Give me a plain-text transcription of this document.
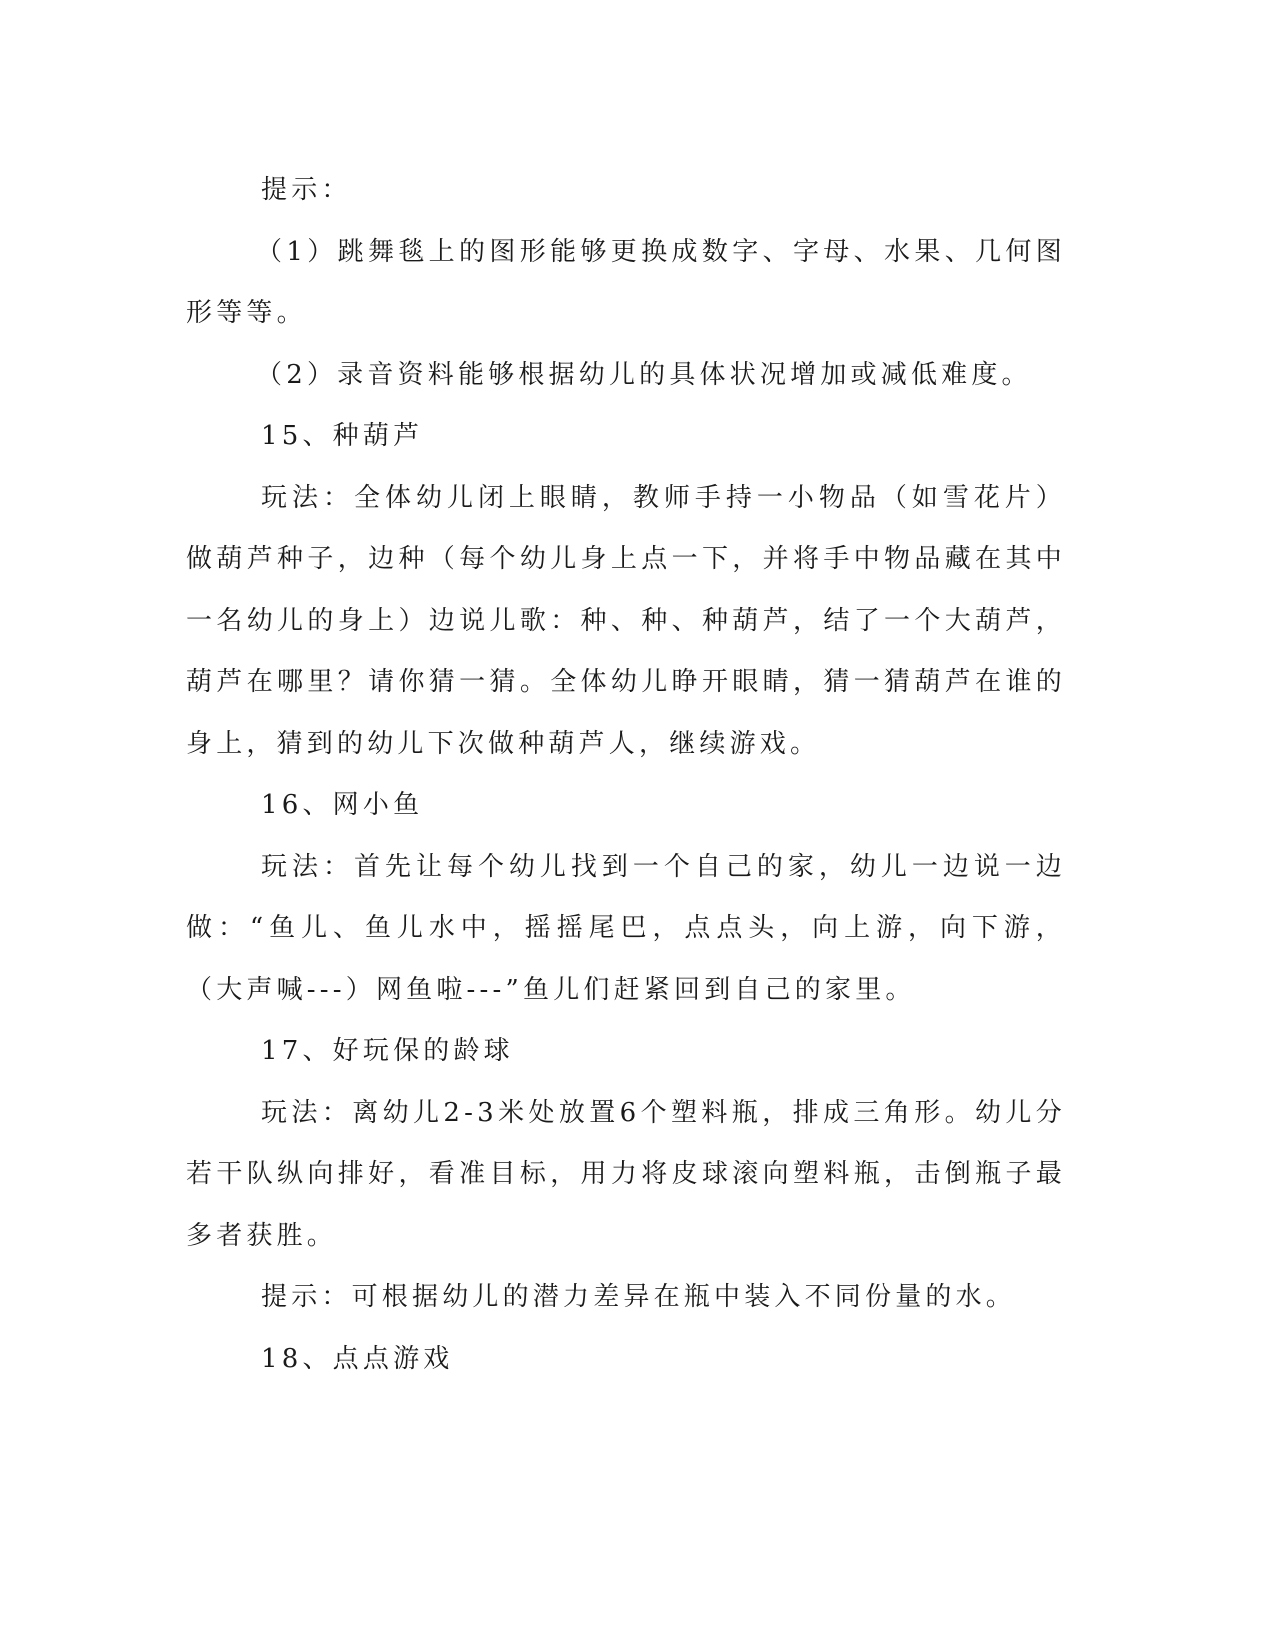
提示：

（1）跳舞毯上的图形能够更换成数字、字母、水果、几何图形等等。

（2）录音资料能够根据幼儿的具体状况增加或减低难度。

15、种葫芦

玩法：全体幼儿闭上眼睛，教师手持一小物品（如雪花片）做葫芦种子，边种（每个幼儿身上点一下，并将手中物品藏在其中一名幼儿的身上）边说儿歌：种、种、种葫芦，结了一个大葫芦，葫芦在哪里？请你猜一猜。全体幼儿睁开眼睛，猜一猜葫芦在谁的身上，猜到的幼儿下次做种葫芦人，继续游戏。

16、网小鱼

玩法：首先让每个幼儿找到一个自己的家，幼儿一边说一边做：“鱼儿、鱼儿水中，摇摇尾巴，点点头，向上游，向下游，（大声喊---）网鱼啦---”鱼儿们赶紧回到自己的家里。

17、好玩保的龄球

玩法：离幼儿2-3米处放置6个塑料瓶，排成三角形。幼儿分若干队纵向排好，看准目标，用力将皮球滚向塑料瓶，击倒瓶子最多者获胜。

提示：可根据幼儿的潜力差异在瓶中装入不同份量的水。

18、点点游戏
